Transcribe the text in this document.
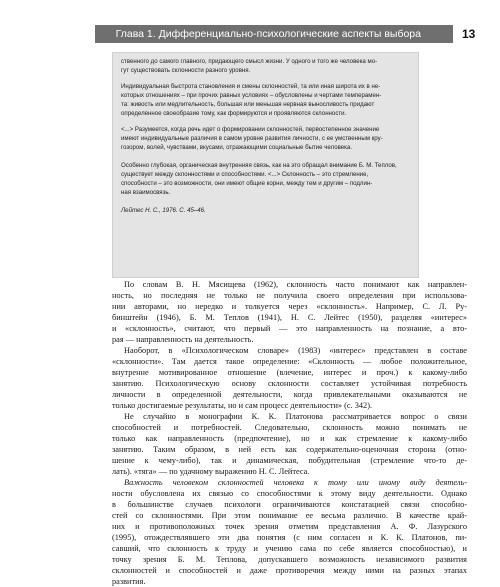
Глава 1. Дифференциально-психологические аспекты выбора	13

ственного до самого главного, придающего смысл жизни. У одного и того же человека мо-

гут существовать склонности разного уровня.

Индивидуальная быстрота становления и смены склонностей, та или иная широта их в не-

которых отношениях – при прочих равных условиях – обусловлены и чертами темперамен-

та: живость или медлительность, большая или меньшая нервная выносливость придают

определенное своеобразие тому, как формируются и проявляются склонности.

<...> Разумеется, когда речь идет о формировании склонностей, первостепенное значение

имеют индивидуальные различия в самом уровне развития личности, с ее умственным кру-

гозором, волей, чувствами, вкусами, отражающими социальные бытие человека.

Особенно глубокая, органическая внутренняя связь, как на это обращал внимание Б. М. Теплов,

существует между склонностями и способностями. <...> Склонность – это стремление,

способности – это возможности, они имеют общие корни, между тем и другим – подлин-

ная взаимосвязь.

Лейтес Н. С., 1976. С. 45–46.

По словам В. Н. Мясищева (1962), склонность часто понимают как направлен-
ность, но последняя не только не получила своего определения при использова-
нии авторами, но нередко и толкуется через «склонность». Например, С. Л. Ру-
бинштейн (1946), Б. М. Теплов (1941), Н. С. Лейтес (1950), разделяя «интерес»
и «склонность», считают, что первый — это направленность на познание, а вто-
рая — направленность на деятельность.
Наоборот, в «Психологическом словаре» (1983) «интерес» представлен в составе
«склонности». Там дается такое определение: «Склонность — любое положительное,
внутренне мотивированное отношение (влечение, интерес и проч.) к какому-либо
занятию. Психологическую основу склонности составляет устойчивая потребность
личности в определенной деятельности, когда привлекательными оказываются не
только достигаемые результаты, но и сам процесс деятельности» (с. 342).
Не случайно в монографии К. К. Платонова рассматривается вопрос о связи
способностей и потребностей. Следовательно, склонность можно понимать не
только как направленность (предпочтение), но и как стремление к какому-либо
занятию. Таким образом, в ней есть как содержательно-оценочная сторона (отно-
шение к чему-либо), так и динамическая, побудительная (стремление что-то де-
лать). «тяга» — по удачному выражению Н. С. Лейтеса.
Важность человеком склонностей человека к тому или иному виду деятель-
ности обусловлена их связью со способностями к этому виду деятельности. Однако
в большинстве случаев психологи ограничиваются констатацией связи способно-
стей со склонностями. При этом понимание ее весьма различно. В качестве край-
них и противоположных точек зрения отметим представления А. Ф. Лазурского
(1995), отождествлявшего эти два понятия (с ним согласен и К. К. Платонов, пи-
савший, что склонность к труду и учению сама по себе является способностью), и
точку зрения Б. М. Теплова, допускавшего возможность независимого развития
склонностей и способностей и даже противоречия между ними на разных этапах
развития.
